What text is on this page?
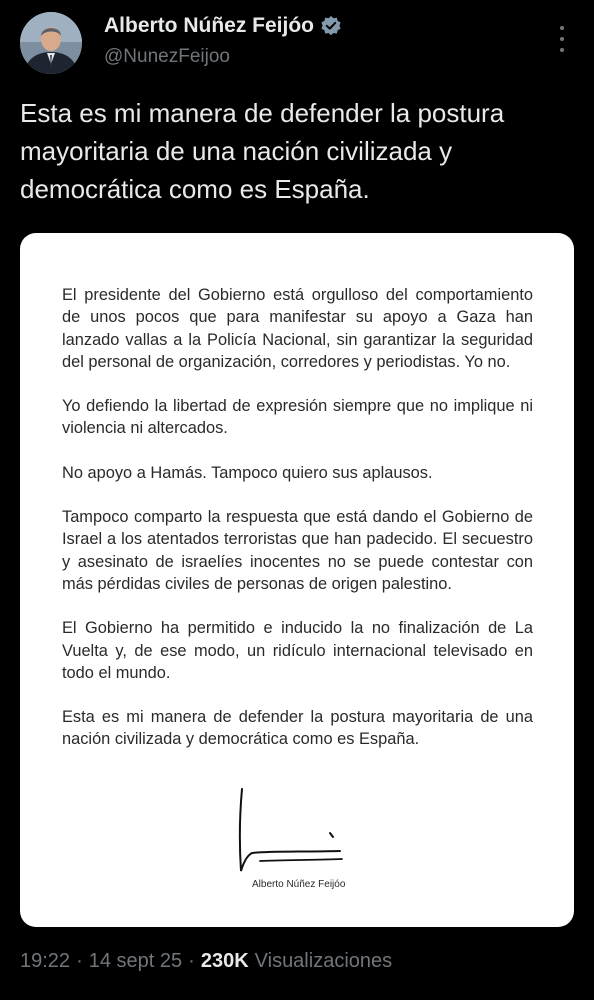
Alberto Núñez Feijóo
@NunezFeijoo
Esta es mi manera de defender la postura mayoritaria de una nación civilizada y democrática como es España.

El presidente del Gobierno está orgulloso del comportamiento de unos pocos que para manifestar su apoyo a Gaza han lanzado vallas a la Policía Nacional, sin garantizar la seguridad del personal de organización, corredores y periodistas. Yo no.

Yo defiendo la libertad de expresión siempre que no implique ni violencia ni altercados.

No apoyo a Hamás. Tampoco quiero sus aplausos.

Tampoco comparto la respuesta que está dando el Gobierno de Israel a los atentados terroristas que han padecido. El secuestro y asesinato de israelíes inocentes no se puede contestar con más pérdidas civiles de personas de origen palestino.

El Gobierno ha permitido e inducido la no finalización de La Vuelta y, de ese modo, un ridículo internacional televisado en todo el mundo.

Esta es mi manera de defender la postura mayoritaria de una nación civilizada y democrática como es España.

Alberto Núñez Feijóo
19:22 · 14 sept 25 · 230K Visualizaciones
